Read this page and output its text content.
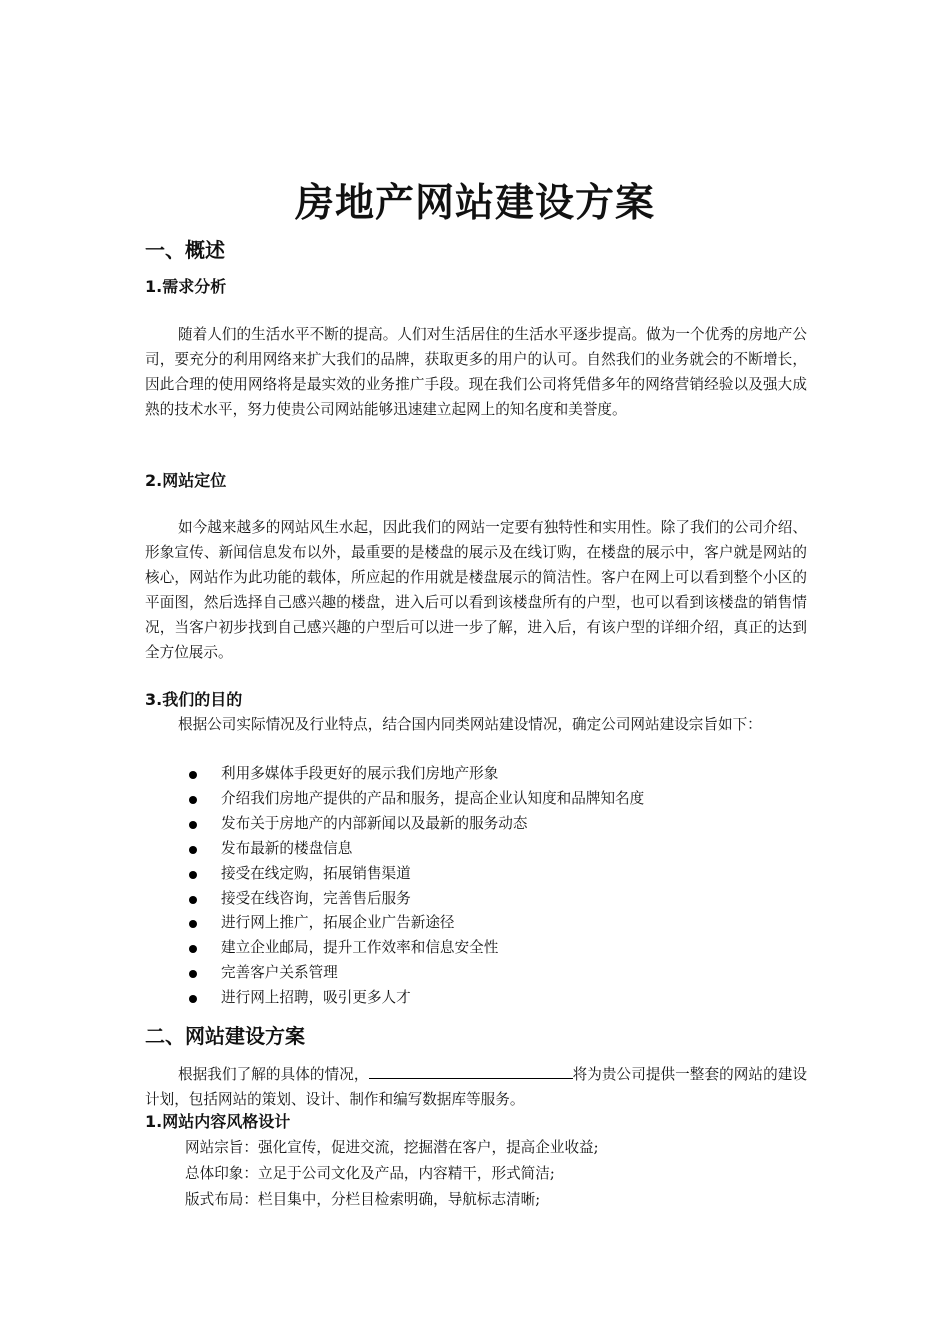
房地产网站建设方案
一、概述
1.需求分析

随着人们的生活水平不断的提高。人们对生活居住的生活水平逐步提高。做为一个优秀的房地产公司，要充分的利用网络来扩大我们的品牌，获取更多的用户的认可。自然我们的业务就会的不断增长，因此合理的使用网络将是最实效的业务推广手段。现在我们公司将凭借多年的网络营销经验以及强大成熟的技术水平，努力使贵公司网站能够迅速建立起网上的知名度和美誉度。

2.网站定位

如今越来越多的网站风生水起，因此我们的网站一定要有独特性和实用性。除了我们的公司介绍、形象宣传、新闻信息发布以外，最重要的是楼盘的展示及在线订购，在楼盘的展示中，客户就是网站的核心，网站作为此功能的载体，所应起的作用就是楼盘展示的简洁性。客户在网上可以看到整个小区的平面图，然后选择自己感兴趣的楼盘，进入后可以看到该楼盘所有的户型，也可以看到该楼盘的销售情况，当客户初步找到自己感兴趣的户型后可以进一步了解，进入后，有该户型的详细介绍，真正的达到全方位展示。

3.我们的目的

根据公司实际情况及行业特点，结合国内同类网站建设情况，确定公司网站建设宗旨如下：

利用多媒体手段更好的展示我们房地产形象
介绍我们房地产提供的产品和服务，提高企业认知度和品牌知名度
发布关于房地产的内部新闻以及最新的服务动态
发布最新的楼盘信息
接受在线定购，拓展销售渠道
接受在线咨询，完善售后服务
进行网上推广，拓展企业广告新途径
建立企业邮局，提升工作效率和信息安全性
完善客户关系管理
进行网上招聘，吸引更多人才
二、网站建设方案

根据我们了解的具体的情况，	将为贵公司提供一整套的网站的建设计划，包括网站的策划、设计、制作和编写数据库等服务。

1.网站内容风格设计
网站宗旨：强化宣传，促进交流，挖掘潜在客户，提高企业收益;
总体印象：立足于公司文化及产品，内容精干，形式简洁;
版式布局：栏目集中，分栏目检索明确，导航标志清晰;
